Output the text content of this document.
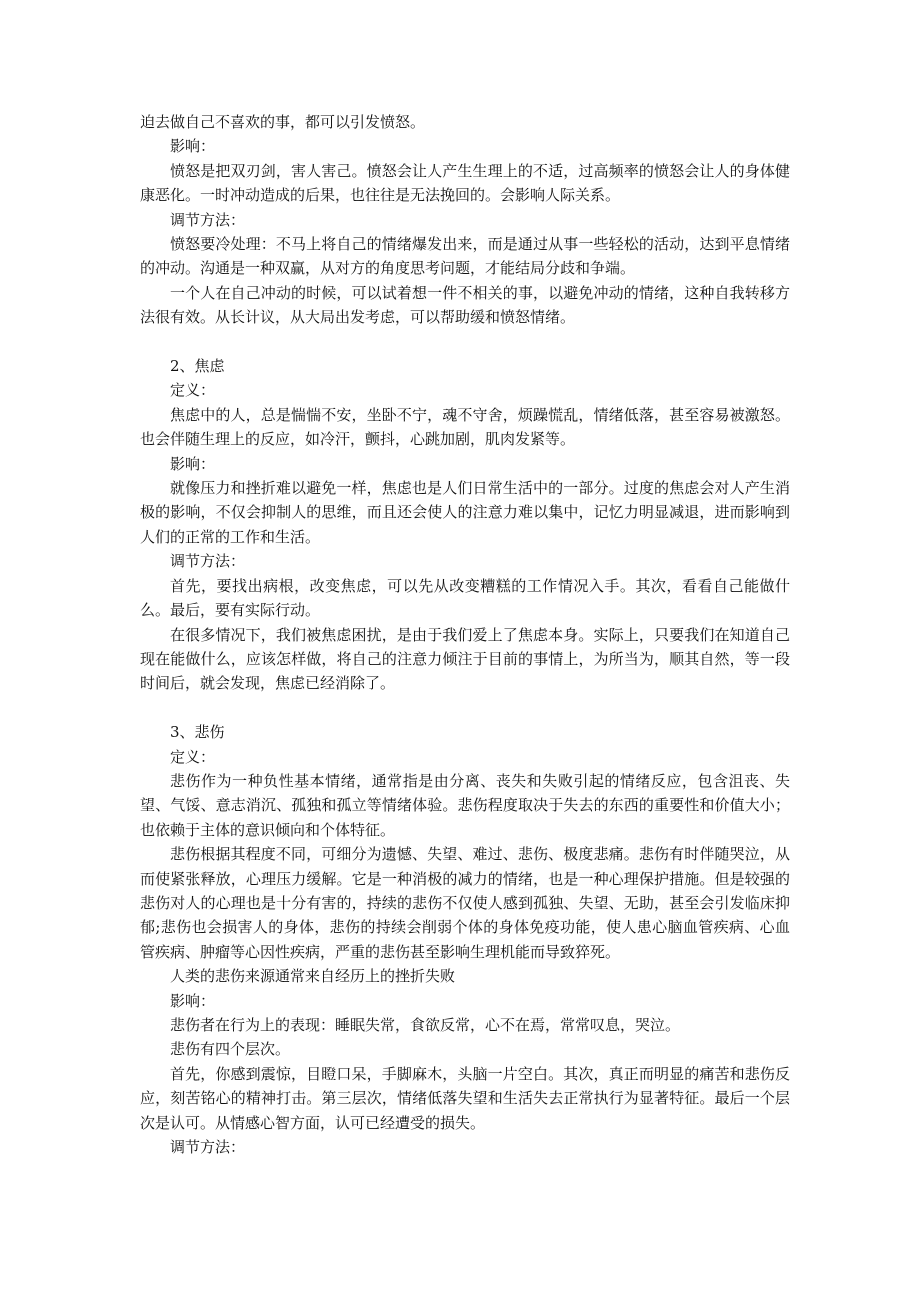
迫去做自己不喜欢的事，都可以引发愤怒。

影响：

愤怒是把双刃剑，害人害己。愤怒会让人产生生理上的不适，过高频率的愤怒会让人的身体健康恶化。一时冲动造成的后果，也往往是无法挽回的。会影响人际关系。

调节方法：

愤怒要冷处理：不马上将自己的情绪爆发出来，而是通过从事一些轻松的活动，达到平息情绪的冲动。沟通是一种双赢，从对方的角度思考问题，才能结局分歧和争端。

一个人在自己冲动的时候，可以试着想一件不相关的事，以避免冲动的情绪，这种自我转移方法很有效。从长计议，从大局出发考虑，可以帮助缓和愤怒情绪。

2、焦虑

定义：

焦虑中的人，总是惴惴不安，坐卧不宁，魂不守舍，烦躁慌乱，情绪低落，甚至容易被激怒。也会伴随生理上的反应，如冷汗，颤抖，心跳加剧，肌肉发紧等。

影响：

就像压力和挫折难以避免一样，焦虑也是人们日常生活中的一部分。过度的焦虑会对人产生消极的影响，不仅会抑制人的思维，而且还会使人的注意力难以集中，记忆力明显减退，进而影响到人们的正常的工作和生活。

调节方法：

首先，要找出病根，改变焦虑，可以先从改变糟糕的工作情况入手。其次，看看自己能做什么。最后，要有实际行动。

在很多情况下，我们被焦虑困扰，是由于我们爱上了焦虑本身。实际上，只要我们在知道自己现在能做什么，应该怎样做，将自己的注意力倾注于目前的事情上，为所当为，顺其自然，等一段时间后，就会发现，焦虑已经消除了。

3、悲伤

定义：

悲伤作为一种负性基本情绪，通常指是由分离、丧失和失败引起的情绪反应，包含沮丧、失望、气馁、意志消沉、孤独和孤立等情绪体验。悲伤程度取决于失去的东西的重要性和价值大小；也依赖于主体的意识倾向和个体特征。

悲伤根据其程度不同，可细分为遗憾、失望、难过、悲伤、极度悲痛。悲伤有时伴随哭泣，从而使紧张释放，心理压力缓解。它是一种消极的减力的情绪，也是一种心理保护措施。但是较强的悲伤对人的心理也是十分有害的，持续的悲伤不仅使人感到孤独、失望、无助，甚至会引发临床抑郁;悲伤也会损害人的身体，悲伤的持续会削弱个体的身体免疫功能，使人患心脑血管疾病、心血管疾病、肿瘤等心因性疾病，严重的悲伤甚至影响生理机能而导致猝死。

人类的悲伤来源通常来自经历上的挫折失败

影响：

悲伤者在行为上的表现：睡眠失常，食欲反常，心不在焉，常常叹息，哭泣。

悲伤有四个层次。

首先，你感到震惊，目瞪口呆，手脚麻木，头脑一片空白。其次，真正而明显的痛苦和悲伤反应，刻苦铭心的精神打击。第三层次，情绪低落失望和生活失去正常执行为显著特征。最后一个层次是认可。从情感心智方面，认可已经遭受的损失。

调节方法：
